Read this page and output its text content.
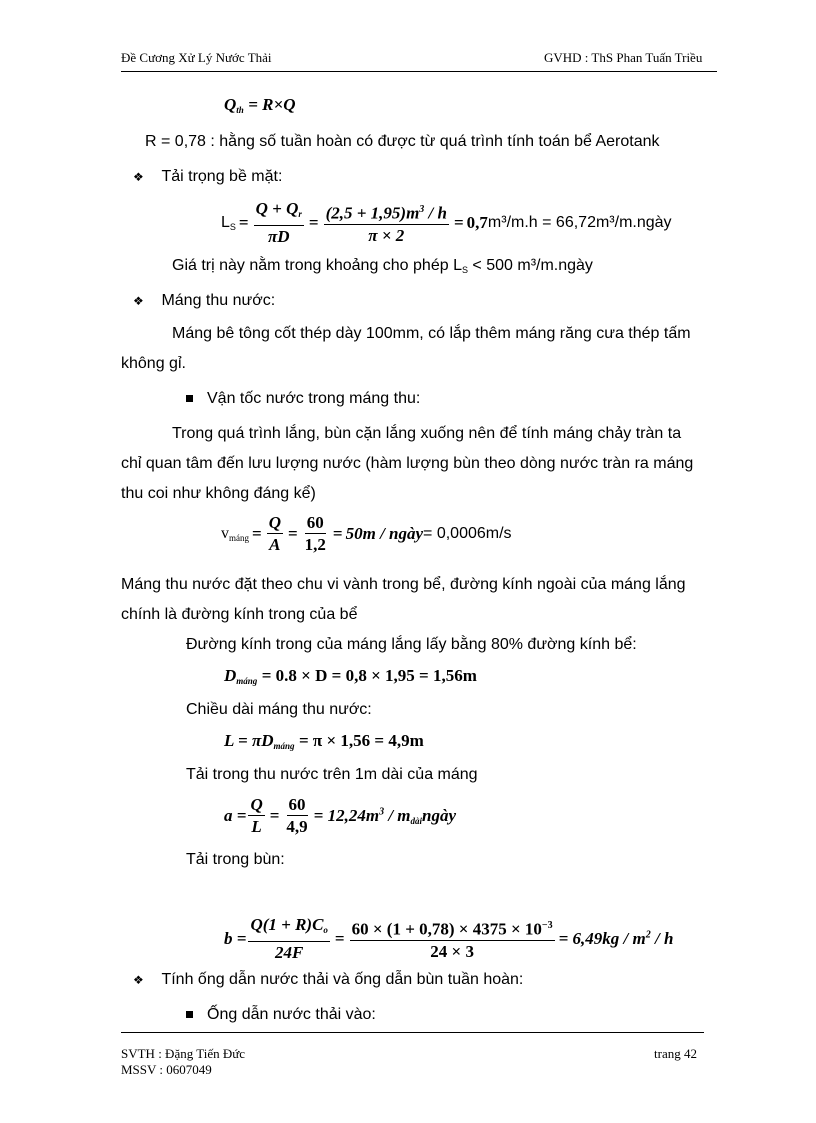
Đề Cương Xử Lý Nước Thải	GVHD : ThS Phan Tuấn Triều
$Q_{th} = R\times Q$
R = 0,78 : hằng số tuần hoàn có được từ quá trình tính toán bể Aerotank
❖ Tải trọng bề mặt:
$L_S = \frac{Q + Q_r}{\pi D} = \frac{(2,5 + 1,95)m^3 / h}{\pi \times 2} = 0,7$ m³/m.h = 66,72m³/m.ngày
Giá trị này nằm trong khoảng cho phép $L_S < 500$ m³/m.ngày
❖ Máng thu nước:
Máng bê tông cốt thép dày 100mm, có lắp thêm máng răng cưa thép tấm
không gỉ.
Vận tốc nước trong máng thu:
Trong quá trình lắng, bùn cặn lắng xuống nên để tính máng chảy tràn ta
chỉ quan tâm đến lưu lượng nước (hàm lượng bùn theo dòng nước tràn ra máng
thu coi như không đáng kể)
$v_{máng} = \frac{Q}{A} = \frac{60}{1,2} = 50m$ / ngày = 0,0006m/s
Máng thu nước đặt theo chu vi vành trong bể, đường kính ngoài của máng lắng
chính là đường kính trong của bể
Đường kính trong của máng lắng lấy bằng 80% đường kính bể:
$D_{máng} = 0.8 \times D = 0,8 \times 1,95 = 1,56m$
Chiều dài máng thu nước:
$L = \pi D_{máng} = \pi \times 1,56 = 4,9m$
Tải trong thu nước trên 1m dài của máng
$a = \frac{Q}{L} = \frac{60}{4,9} = 12,24m^3$ / $m_{dài}ngày$
Tải trong bùn:
$b = \frac{Q(1 + R)C_o}{24F} = \frac{60 \times (1 + 0,78) \times 4375 \times 10^{-3}}{24 \times 3} = 6,49kg / m^2 / h$
❖ Tính ống dẫn nước thải và ống dẫn bùn tuần hoàn:
Ống dẫn nước thải vào:
SVTH : Đặng Tiến Đức
MSSV : 0607049
trang 42
